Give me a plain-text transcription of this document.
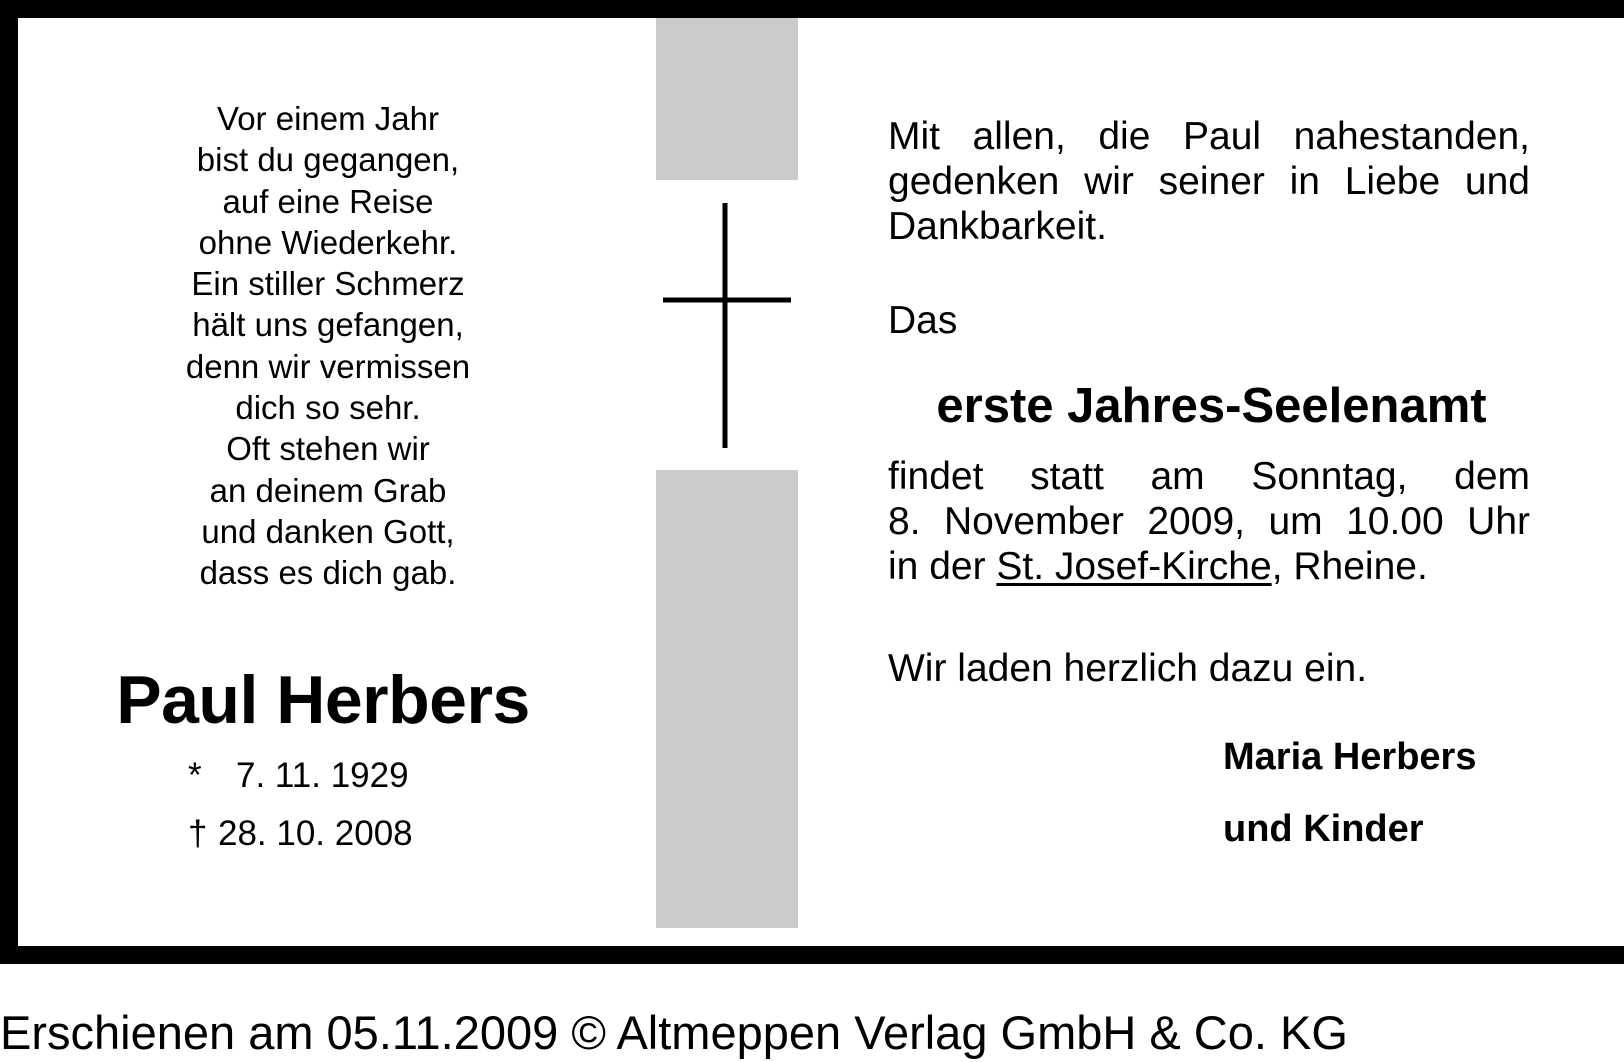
Vor einem Jahr
bist du gegangen,
auf eine Reise
ohne Wiederkehr.
Ein stiller Schmerz
hält uns gefangen,
denn wir vermissen
dich so sehr.
Oft stehen wir
an deinem Grab
und danken Gott,
dass es dich gab.
Paul Herbers
* 7. 11. 1929
† 28. 10. 2008
Mit allen, die Paul nahestanden,
gedenken wir seiner in Liebe und
Dankbarkeit.
Das
erste Jahres-Seelenamt
findet statt am Sonntag, dem
8. November 2009, um 10.00 Uhr
in der St. Josef-Kirche, Rheine.
Wir laden herzlich dazu ein.
Maria Herbers
und Kinder
Erschienen am 05.11.2009 © Altmeppen Verlag GmbH & Co. KG
